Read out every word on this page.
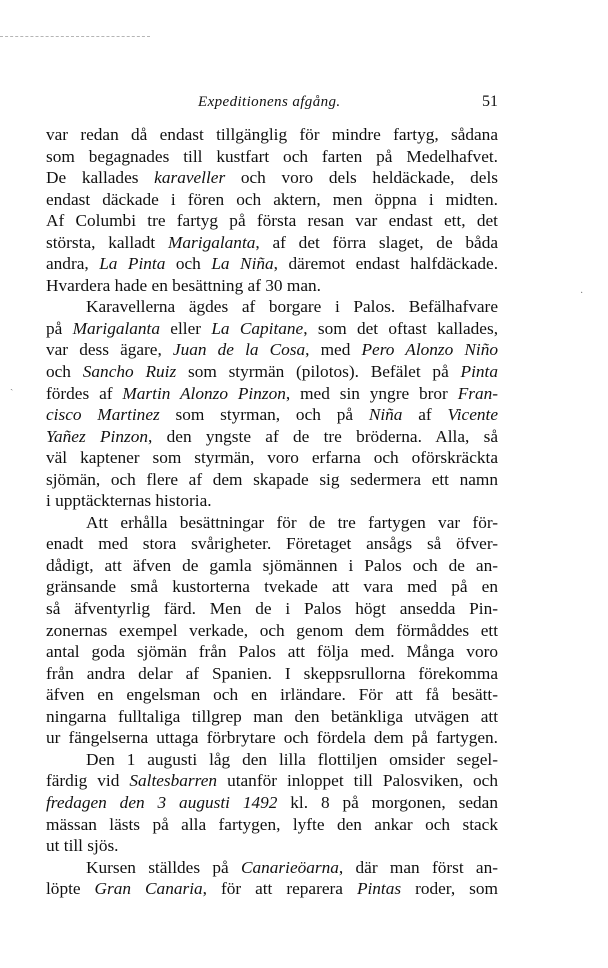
Expeditionens afgång.	51
var redan då endast tillgänglig för mindre fartyg, sådana
som begagnades till kustfart och farten på Medelhafvet.
De kallades karaveller och voro dels heldäckade, dels
endast däckade i fören och aktern, men öppna i midten.
Af Columbi tre fartyg på första resan var endast ett, det
största, kalladt Marigalanta, af det förra slaget, de båda
andra, La Pinta och La Niña, däremot endast halfdäckade.
Hvardera hade en besättning af 30 man.
Karavellerna ägdes af borgare i Palos. Befälhafvare
på Marigalanta eller La Capitane, som det oftast kallades,
var dess ägare, Juan de la Cosa, med Pero Alonzo Niño
och Sancho Ruiz som styrmän (pilotos). Befälet på Pinta
fördes af Martin Alonzo Pinzon, med sin yngre bror Fran-
cisco Martinez som styrman, och på Niña af Vicente
Yañez Pinzon, den yngste af de tre bröderna. Alla, så
väl kaptener som styrmän, voro erfarna och oförskräckta
sjömän, och flere af dem skapade sig sedermera ett namn
i upptäckternas historia.
Att erhålla besättningar för de tre fartygen var för-
enadt med stora svårigheter. Företaget ansågs så öfver-
dådigt, att äfven de gamla sjömännen i Palos och de an-
gränsande små kustorterna tvekade att vara med på en
så äfventyrlig färd. Men de i Palos högt ansedda Pin-
zonernas exempel verkade, och genom dem förmåddes ett
antal goda sjömän från Palos att följa med. Många voro
från andra delar af Spanien. I skeppsrullorna förekomma
äfven en engelsman och en irländare. För att få besätt-
ningarna fulltaliga tillgrep man den betänkliga utvägen att
ur fängelserna uttaga förbrytare och fördela dem på fartygen.
Den 1 augusti låg den lilla flottiljen omsider segel-
färdig vid Saltesbarren utanför inloppet till Palosviken, och
fredagen den 3 augusti 1492 kl. 8 på morgonen, sedan
mässan lästs på alla fartygen, lyfte den ankar och stack
ut till sjös.
Kursen ställdes på Canarieöarna, där man först an-
löpte Gran Canaria, för att reparera Pintas roder, som
ˏ
·
